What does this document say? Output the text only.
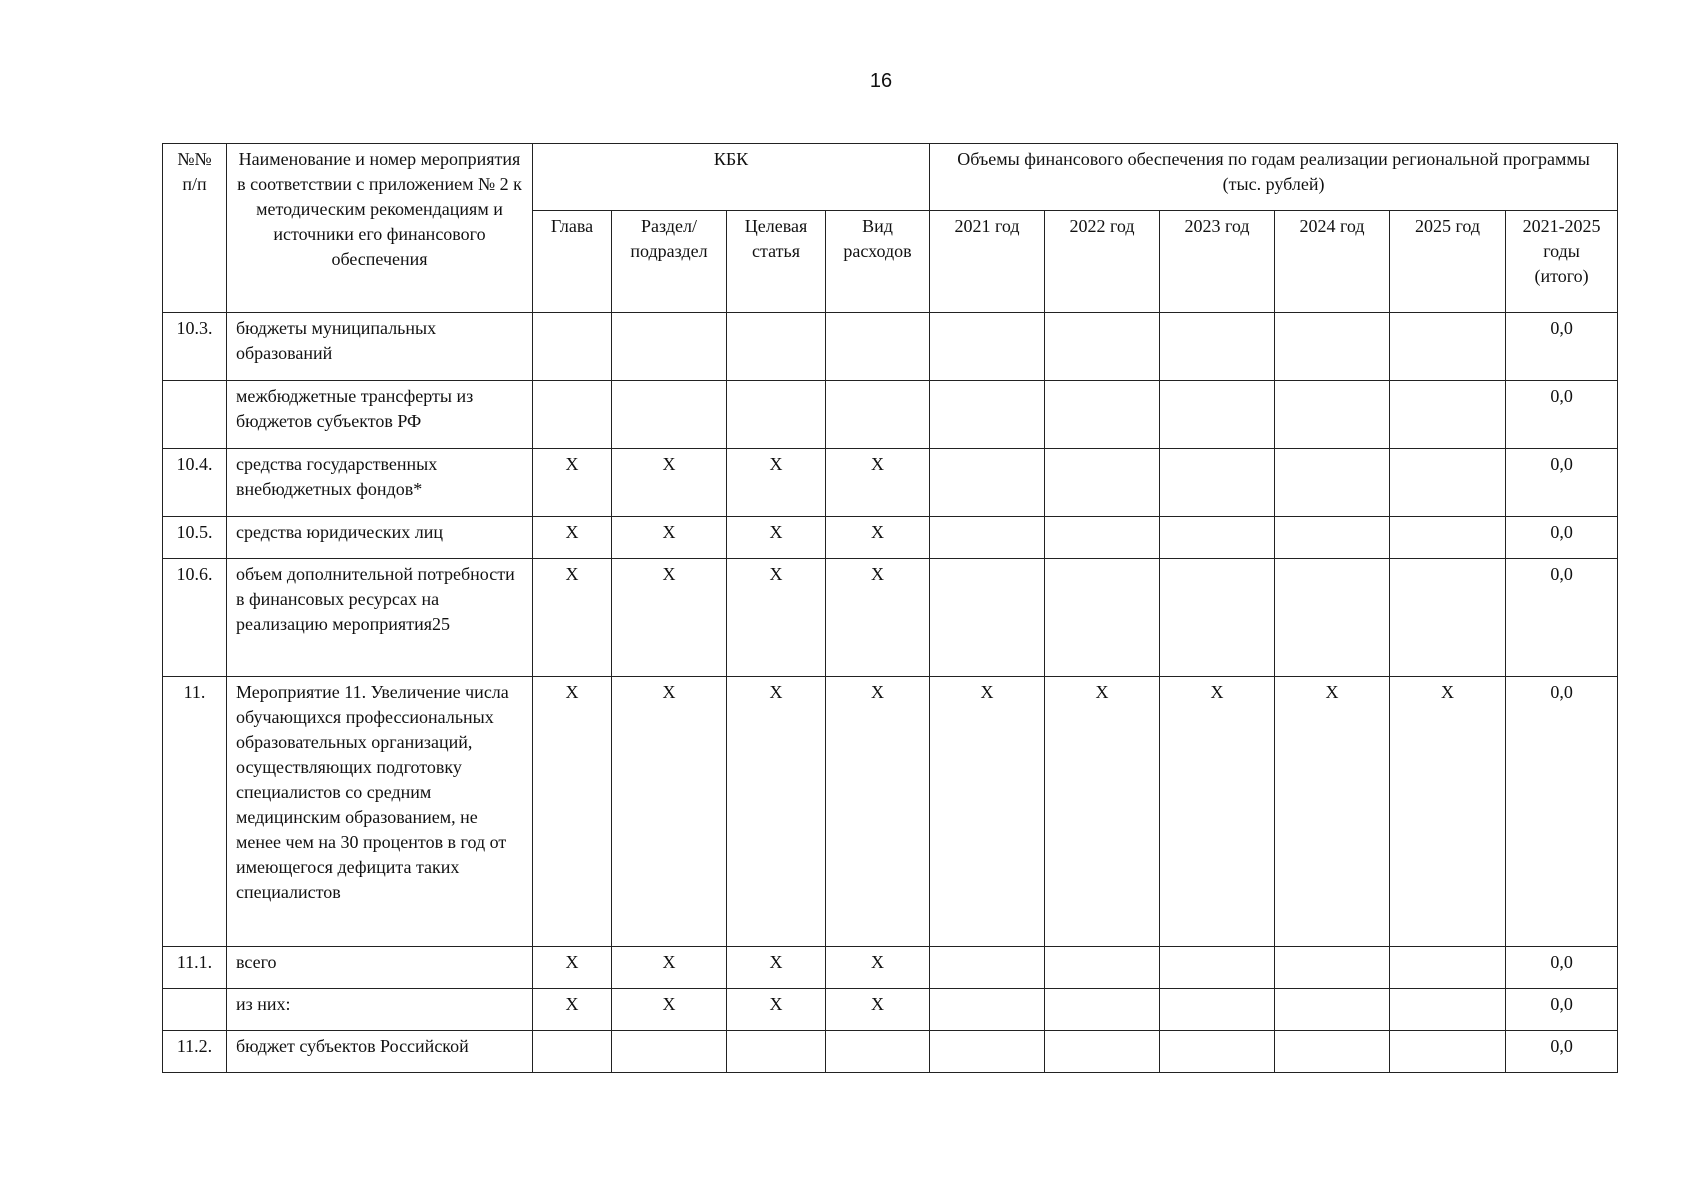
16
№№ п/п	Наименование и номер мероприятия в соответствии с приложением № 2 к методическим рекомендациям и источники его финансового обеспечения	КБК				Объемы финансового обеспечения по годам реализации региональной программы (тыс. рублей)					
		Глава	Раздел/ подраздел	Целевая статья	Вид расходов	2021 год	2022 год	2023 год	2024 год	2025 год	2021-2025 годы (итого)
10.3.	бюджеты муниципальных образований										0,0
	межбюджетные трансферты из бюджетов субъектов РФ										0,0
10.4.	средства государственных внебюджетных фондов*	X	X	X	X						0,0
10.5.	средства юридических лиц	X	X	X	X						0,0
10.6.	объем дополнительной потребности в финансовых ресурсах на реализацию мероприятия25	X	X	X	X						0,0
11.	Мероприятие 11. Увеличение числа обучающихся профессиональных образовательных организаций, осуществляющих подготовку специалистов со средним медицинским образованием, не менее чем на 30 процентов в год от имеющегося дефицита таких специалистов	X	X	X	X	X	X	X	X	X	0,0
11.1.	всего	X	X	X	X						0,0
	из них:	X	X	X	X						0,0
11.2.	бюджет субъектов Российской										0,0
